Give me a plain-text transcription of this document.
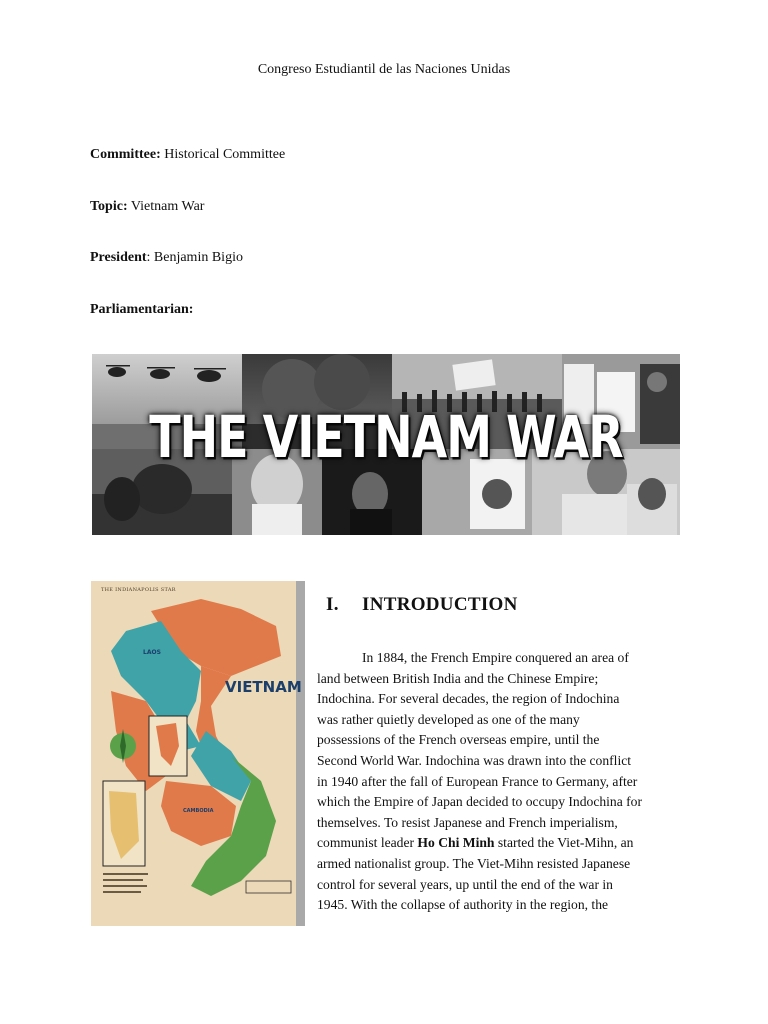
Congreso Estudiantil de las Naciones Unidas
Committee: Historical Committee
Topic: Vietnam War
President: Benjamin Bigio
Parliamentarian:
THE VIETNAM WAR
THE INDIANAPOLIS STAR
VIETNAM
LAOS
CAMBODIA
I. INTRODUCTION

In 1884, the French Empire conquered an area of

land between British India and the Chinese Empire;

Indochina. For several decades, the region of Indochina

was rather quietly developed as one of the many

possessions of the French overseas empire, until the

Second World War. Indochina was drawn into the conflict

in 1940 after the fall of European France to Germany, after

which the Empire of Japan decided to occupy Indochina for

themselves. To resist Japanese and French imperialism,

communist leader Ho Chi Minh started the Viet-Mihn, an

armed nationalist group. The Viet-Mihn resisted Japanese

control for several years, up until the end of the war in

1945. With the collapse of authority in the region, the
